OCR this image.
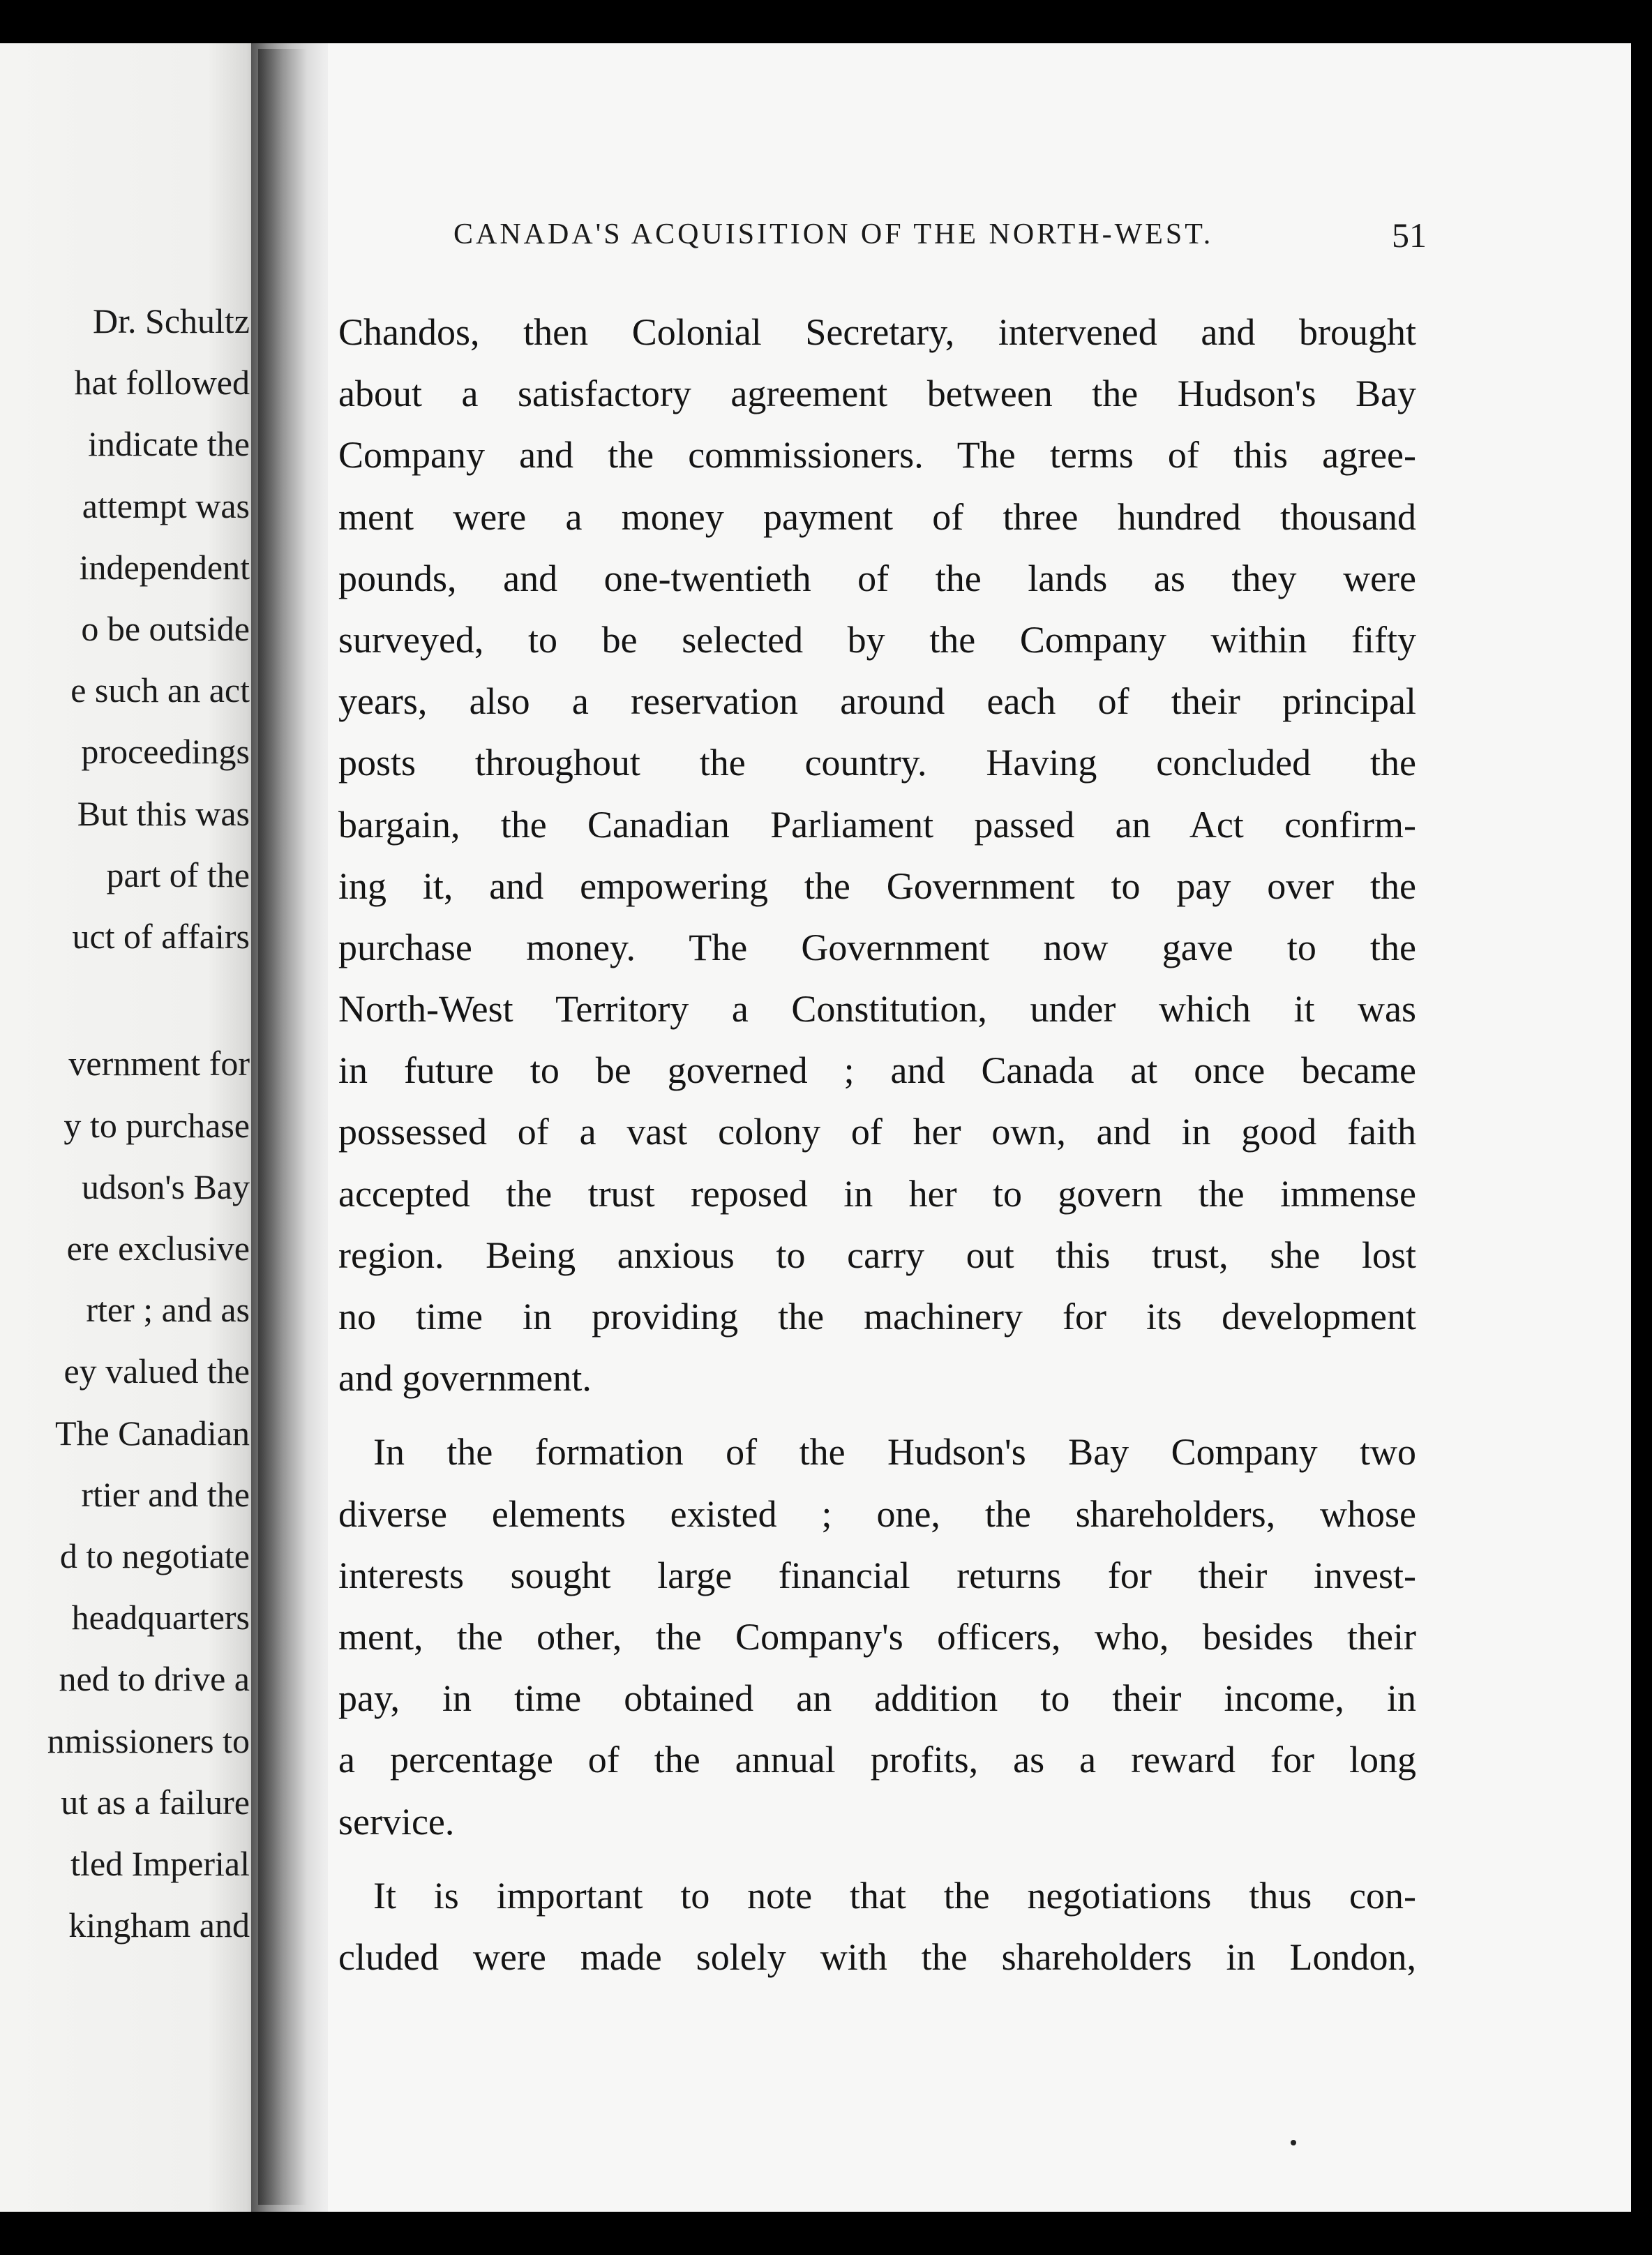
Dr. Schultz
hat followed
indicate the
attempt was
independent
o be outside
e such an act
proceedings
But this was
part of the
uct of affairs
vernment for
y to purchase
udson's Bay
ere exclusive
rter ; and as
ey valued the
The Canadian
rtier and the
d to negotiate
headquarters
ned to drive a
nmissioners to
ut as a failure
tled Imperial
kingham and
CANADA'S ACQUISITION OF THE NORTH-WEST.	51
Chandos, then Colonial Secretary, intervened and brought
about a satisfactory agreement between the Hudson's Bay
Company and the commissioners. The terms of this agree-
ment were a money payment of three hundred thousand
pounds, and one-twentieth of the lands as they were
surveyed, to be selected by the Company within fifty
years, also a reservation around each of their principal
posts throughout the country. Having concluded the
bargain, the Canadian Parliament passed an Act confirm-
ing it, and empowering the Government to pay over the
purchase money. The Government now gave to the
North-West Territory a Constitution, under which it was
in future to be governed ; and Canada at once became
possessed of a vast colony of her own, and in good faith
accepted the trust reposed in her to govern the immense
region. Being anxious to carry out this trust, she lost
no time in providing the machinery for its development
and government.
In the formation of the Hudson's Bay Company two
diverse elements existed ; one, the shareholders, whose
interests sought large financial returns for their invest-
ment, the other, the Company's officers, who, besides their
pay, in time obtained an addition to their income, in
a percentage of the annual profits, as a reward for long
service.
It is important to note that the negotiations thus con-
cluded were made solely with the shareholders in London,
